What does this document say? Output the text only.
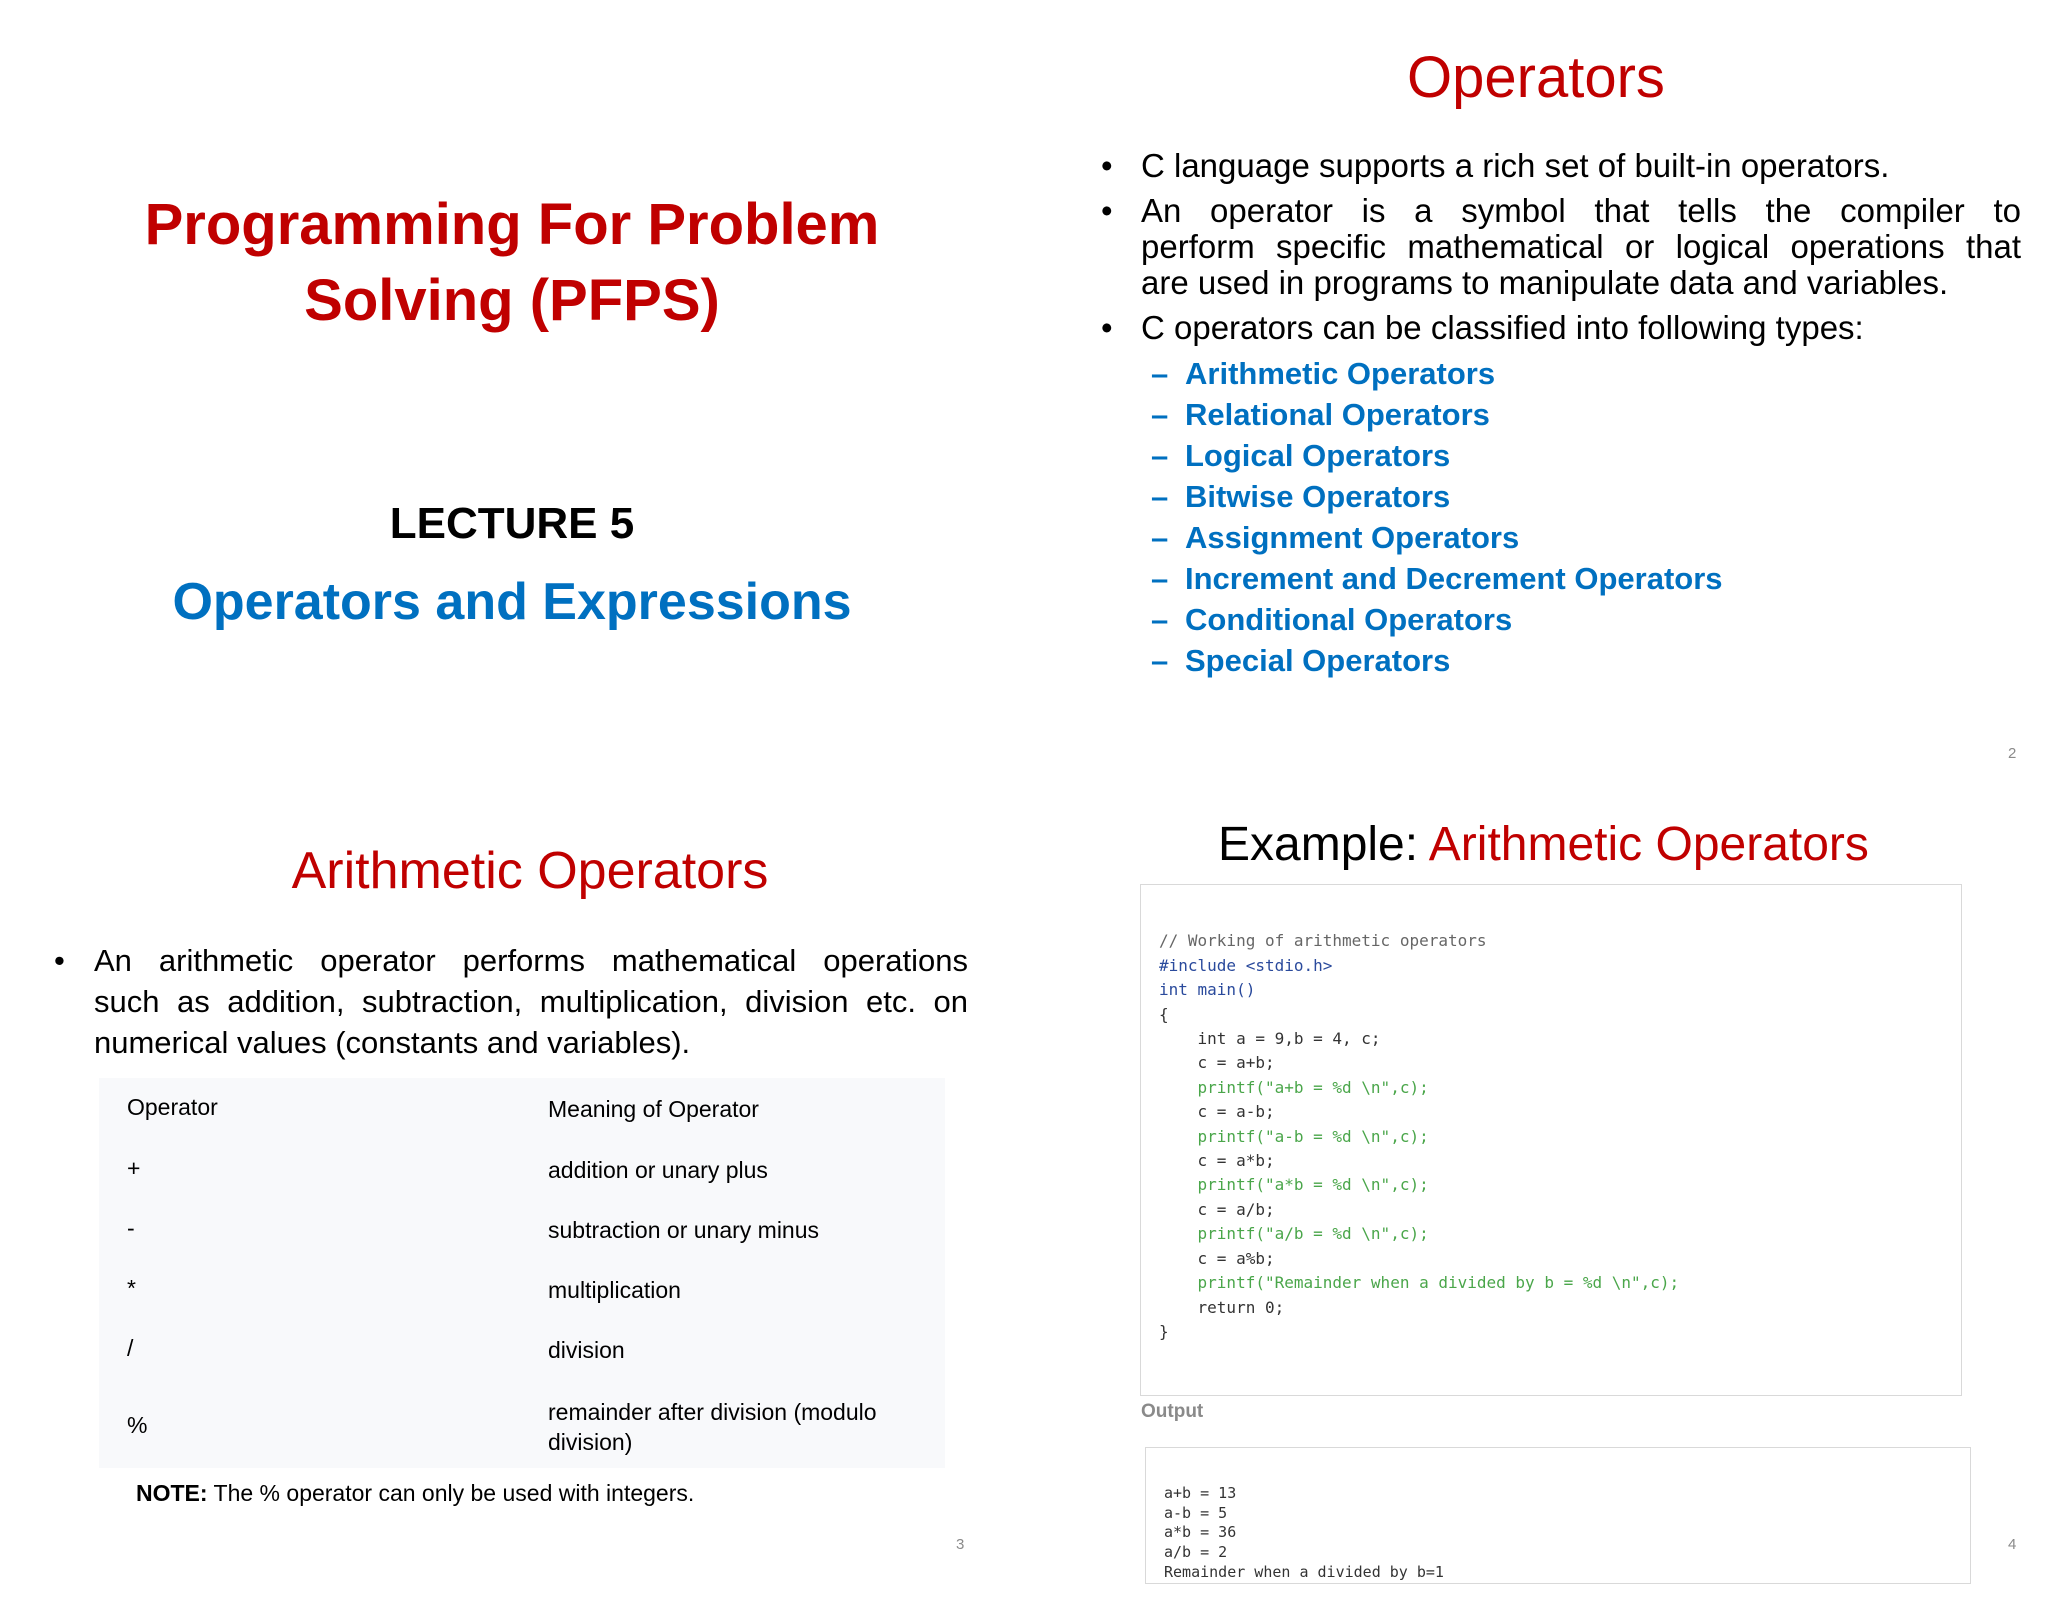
Programming For Problem
Solving (PFPS)
LECTURE 5
Operators and Expressions
Operators
• C language supports a rich set of built-in operators.
• An operator is a symbol that tells the compiler to
perform specific mathematical or logical operations that
are used in programs to manipulate data and variables.
• C operators can be classified into following types:
– Arithmetic Operators
– Relational Operators
– Logical Operators
– Bitwise Operators
– Assignment Operators
– Increment and Decrement Operators
– Conditional Operators
– Special Operators
2
Arithmetic Operators
• An arithmetic operator performs mathematical operations
such as addition, subtraction, multiplication, division etc. on
numerical values (constants and variables).
Operator	Meaning of Operator
+	addition or unary plus
-	subtraction or unary minus
*	multiplication
/	division
%	remainder after division (modulo division)
NOTE: The % operator can only be used with integers.
3
Example: Arithmetic Operators

// Working of arithmetic operators
#include <stdio.h>
int main()
{
int a = 9,b = 4, c;
c = a+b;
printf("a+b = %d \n",c);
c = a-b;
printf("a-b = %d \n",c);
c = a*b;
printf("a*b = %d \n",c);
c = a/b;
printf("a/b = %d \n",c);
c = a%b;
printf("Remainder when a divided by b = %d \n",c);
return 0;
}

Output

a+b = 13
a-b = 5
a*b = 36
a/b = 2
Remainder when a divided by b=1

4
